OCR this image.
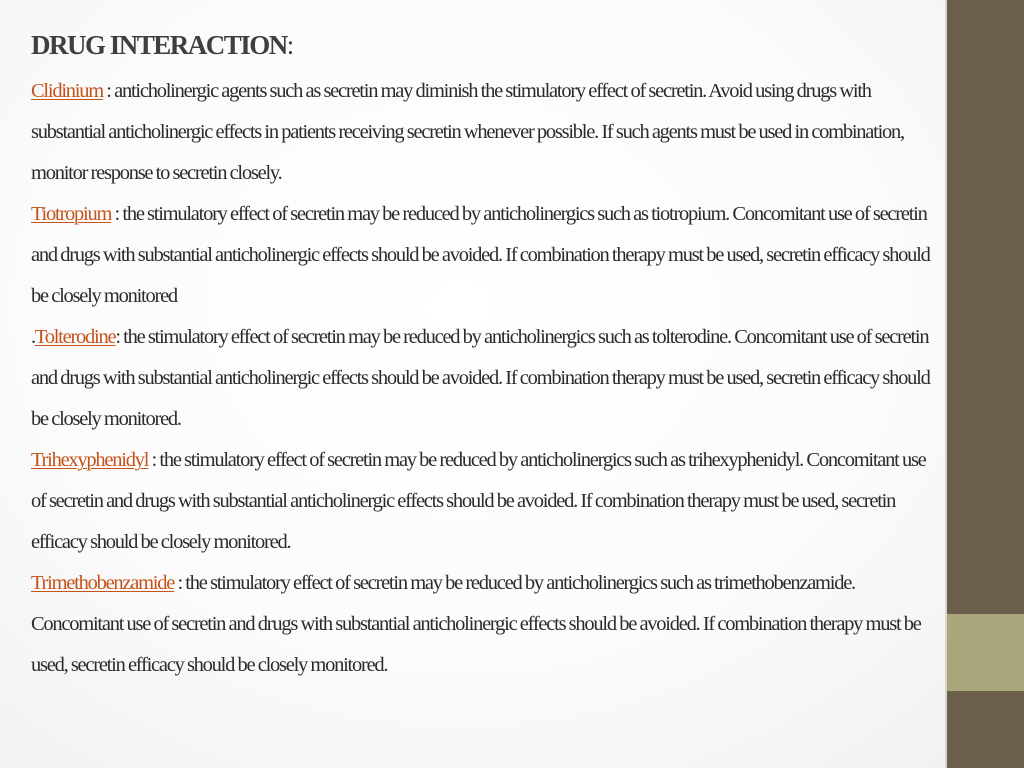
DRUG INTERACTION:
Clidinium : anticholinergic agents such as secretin may diminish the stimulatory effect of secretin. Avoid using drugs with substantial anticholinergic effects in patients receiving secretin whenever possible. If such agents must be used in combination, monitor response to secretin closely.
Tiotropium : the stimulatory effect of secretin may be reduced by anticholinergics such as tiotropium. Concomitant use of secretin and drugs with substantial anticholinergic effects should be avoided. If combination therapy must be used, secretin efficacy should be closely monitored
.Tolterodine: the stimulatory effect of secretin may be reduced by anticholinergics such as tolterodine. Concomitant use of secretin and drugs with substantial anticholinergic effects should be avoided. If combination therapy must be used, secretin efficacy should be closely monitored.
Trihexyphenidyl : the stimulatory effect of secretin may be reduced by anticholinergics such as trihexyphenidyl. Concomitant use of secretin and drugs with substantial anticholinergic effects should be avoided. If combination therapy must be used, secretin efficacy should be closely monitored.
Trimethobenzamide : the stimulatory effect of secretin may be reduced by anticholinergics such as trimethobenzamide. Concomitant use of secretin and drugs with substantial anticholinergic effects should be avoided. If combination therapy must be used, secretin efficacy should be closely monitored.
